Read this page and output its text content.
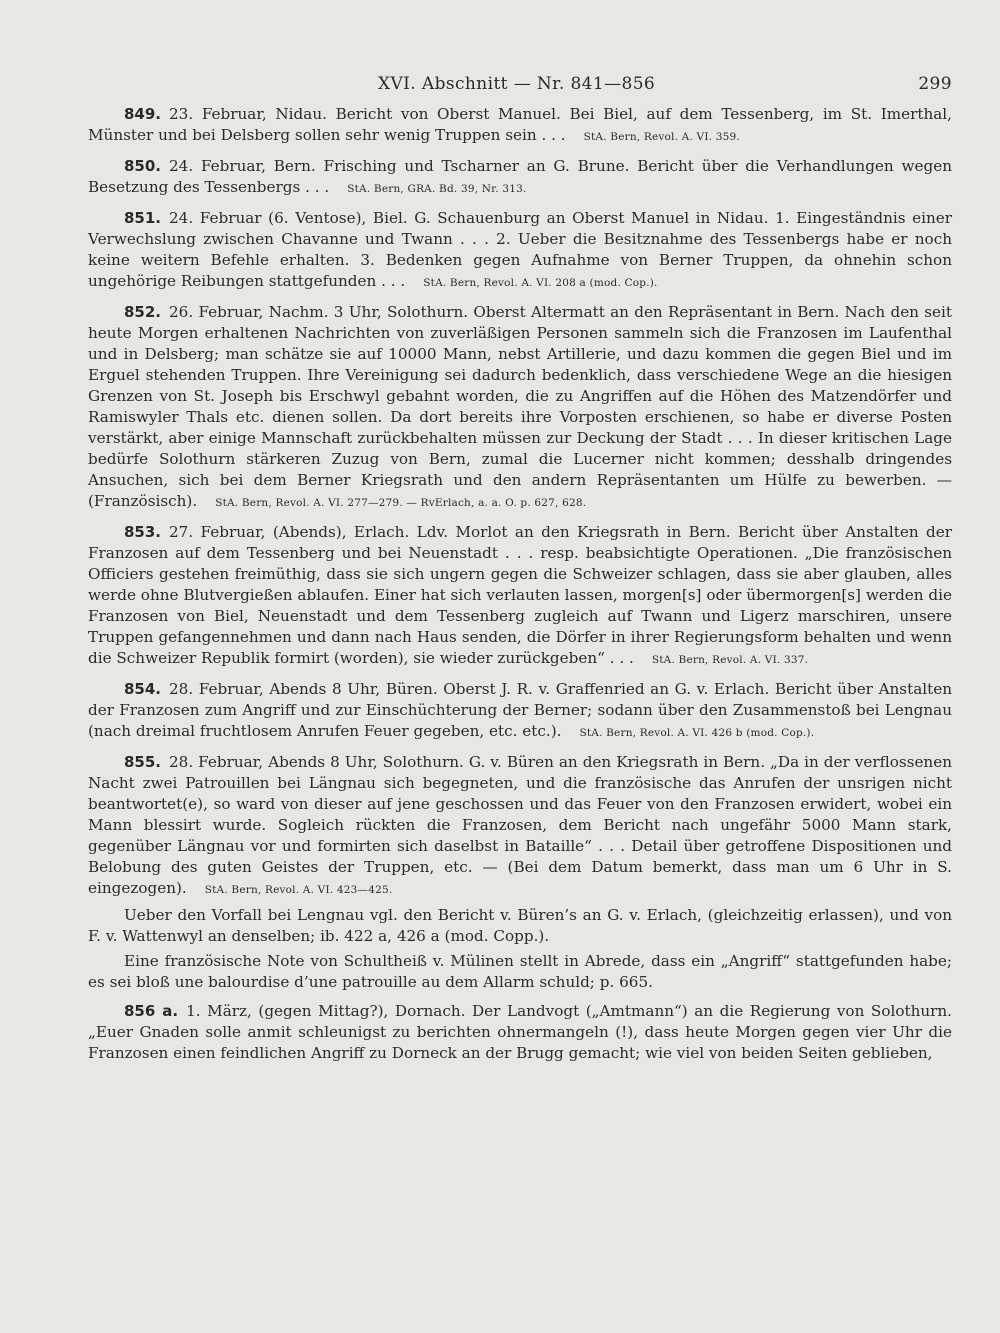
XVI. Abschnitt — Nr. 841—856	299
849. 23. Februar, Nidau. Bericht von Oberst Manuel. Bei Biel, auf dem Tessenberg, im St. Imerthal, Münster und bei Delsberg sollen sehr wenig Truppen sein . . . StA. Bern, Revol. A. VI. 359.
850. 24. Februar, Bern. Frisching und Tscharner an G. Brune. Bericht über die Verhandlungen wegen Besetzung des Tessenbergs . . . StA. Bern, GRA. Bd. 39, Nr. 313.
851. 24. Februar (6. Ventose), Biel. G. Schauenburg an Oberst Manuel in Nidau. 1. Eingeständnis einer Verwechslung zwischen Chavanne und Twann . . . 2. Ueber die Besitznahme des Tessenbergs habe er noch keine weitern Befehle erhalten. 3. Bedenken gegen Aufnahme von Berner Truppen, da ohnehin schon ungehörige Reibungen stattgefunden . . . StA. Bern, Revol. A. VI. 208 a (mod. Cop.).
852. 26. Februar, Nachm. 3 Uhr, Solothurn. Oberst Altermatt an den Repräsentant in Bern. Nach den seit heute Morgen erhaltenen Nachrichten von zuverläßigen Personen sammeln sich die Franzosen im Laufenthal und in Delsberg; man schätze sie auf 10000 Mann, nebst Artillerie, und dazu kommen die gegen Biel und im Erguel stehenden Truppen. Ihre Vereinigung sei dadurch bedenklich, dass verschiedene Wege an die hiesigen Grenzen von St. Joseph bis Erschwyl gebahnt worden, die zu Angriffen auf die Höhen des Matzendörfer und Ramiswyler Thals etc. dienen sollen. Da dort bereits ihre Vorposten erschienen, so habe er diverse Posten verstärkt, aber einige Mannschaft zurückbehalten müssen zur Deckung der Stadt . . . In dieser kritischen Lage bedürfe Solothurn stärkeren Zuzug von Bern, zumal die Lucerner nicht kommen; desshalb dringendes Ansuchen, sich bei dem Berner Kriegsrath und den andern Repräsentanten um Hülfe zu bewerben. — (Französisch). StA. Bern, Revol. A. VI. 277—279. — RvErlach, a. a. O. p. 627, 628.
853. 27. Februar, (Abends), Erlach. Ldv. Morlot an den Kriegsrath in Bern. Bericht über Anstalten der Franzosen auf dem Tessenberg und bei Neuenstadt . . . resp. beabsichtigte Operationen. „Die französischen Officiers gestehen freimüthig, dass sie sich ungern gegen die Schweizer schlagen, dass sie aber glauben, alles werde ohne Blutvergießen ablaufen. Einer hat sich verlauten lassen, morgen[s] oder übermorgen[s] werden die Franzosen von Biel, Neuenstadt und dem Tessenberg zugleich auf Twann und Ligerz marschiren, unsere Truppen gefangennehmen und dann nach Haus senden, die Dörfer in ihrer Regierungsform behalten und wenn die Schweizer Republik formirt (worden), sie wieder zurückgeben“ . . . StA. Bern, Revol. A. VI. 337.
854. 28. Februar, Abends 8 Uhr, Büren. Oberst J. R. v. Graffenried an G. v. Erlach. Bericht über Anstalten der Franzosen zum Angriff und zur Einschüchterung der Berner; sodann über den Zusammenstoß bei Lengnau (nach dreimal fruchtlosem Anrufen Feuer gegeben, etc. etc.). StA. Bern, Revol. A. VI. 426 b (mod. Cop.).
855. 28. Februar, Abends 8 Uhr, Solothurn. G. v. Büren an den Kriegsrath in Bern. „Da in der verflossenen Nacht zwei Patrouillen bei Längnau sich begegneten, und die französische das Anrufen der unsrigen nicht beantwortet(e), so ward von dieser auf jene geschossen und das Feuer von den Franzosen erwidert, wobei ein Mann blessirt wurde. Sogleich rückten die Franzosen, dem Bericht nach ungefähr 5000 Mann stark, gegenüber Längnau vor und formirten sich daselbst in Bataille“ . . . Detail über getroffene Dispositionen und Belobung des guten Geistes der Truppen, etc. — (Bei dem Datum bemerkt, dass man um 6 Uhr in S. eingezogen). StA. Bern, Revol. A. VI. 423—425.
Ueber den Vorfall bei Lengnau vgl. den Bericht v. Büren’s an G. v. Erlach, (gleichzeitig erlassen), und von F. v. Wattenwyl an denselben; ib. 422 a, 426 a (mod. Copp.).
Eine französische Note von Schultheiß v. Mülinen stellt in Abrede, dass ein „Angriff“ stattgefunden habe; es sei bloß une balourdise d’une patrouille au dem Allarm schuld; p. 665.
856 a. 1. März, (gegen Mittag?), Dornach. Der Landvogt („Amtmann“) an die Regierung von Solothurn. „Euer Gnaden solle anmit schleunigst zu berichten ohnermangeln (!), dass heute Morgen gegen vier Uhr die Franzosen einen feindlichen Angriff zu Dorneck an der Brugg gemacht; wie viel von beiden Seiten geblieben,
